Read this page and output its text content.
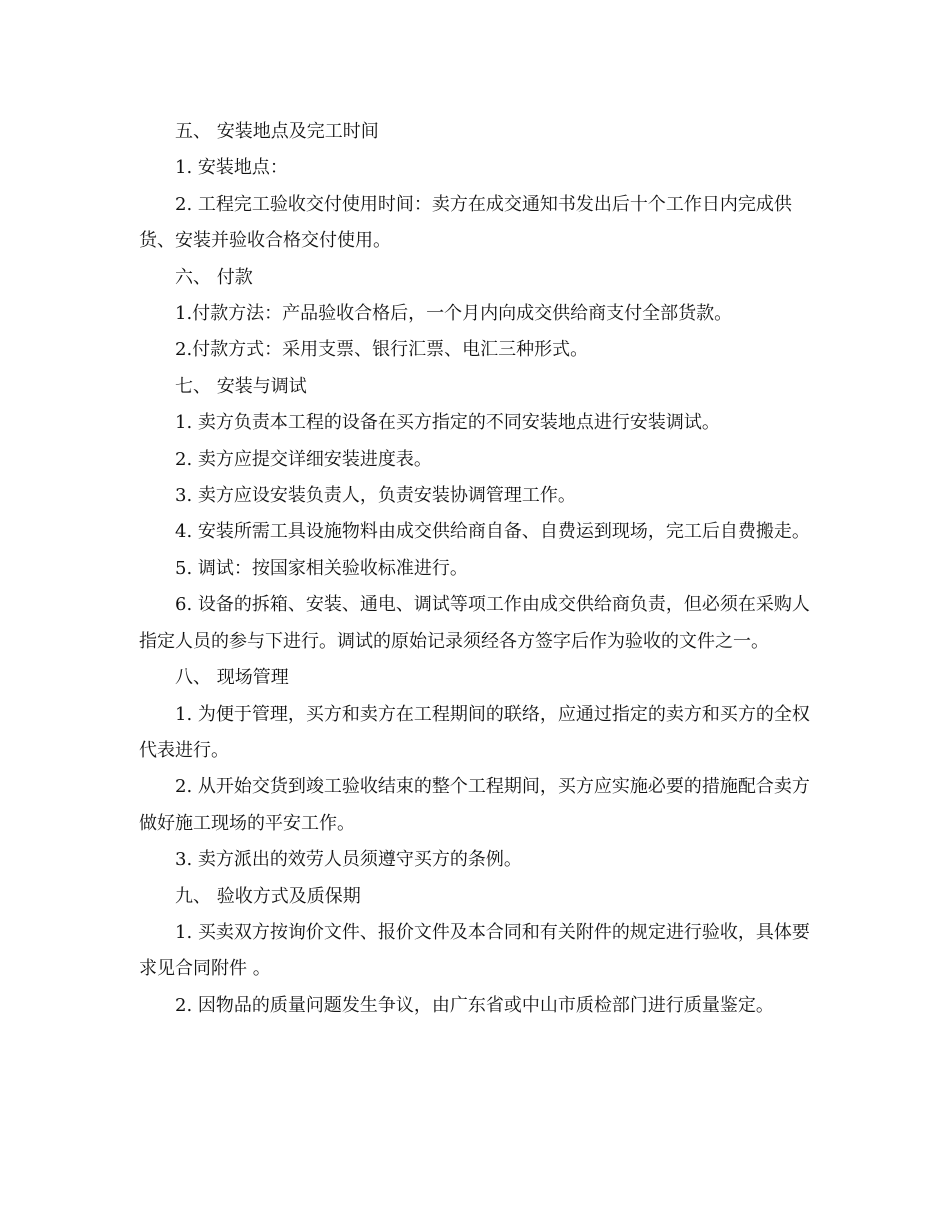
五、 安装地点及完工时间

1. 安装地点：

2. 工程完工验收交付使用时间：卖方在成交通知书发出后十个工作日内完成供货、安装并验收合格交付使用。

六、 付款

1.付款方法：产品验收合格后，一个月内向成交供给商支付全部货款。

2.付款方式：采用支票、银行汇票、电汇三种形式。

七、 安装与调试

1. 卖方负责本工程的设备在买方指定的不同安装地点进行安装调试。

2. 卖方应提交详细安装进度表。

3. 卖方应设安装负责人，负责安装协调管理工作。

4. 安装所需工具设施物料由成交供给商自备、自费运到现场，完工后自费搬走。

5. 调试：按国家相关验收标准进行。

6. 设备的拆箱、安装、通电、调试等项工作由成交供给商负责，但必须在采购人指定人员的参与下进行。调试的原始记录须经各方签字后作为验收的文件之一。

八、 现场管理

1. 为便于管理，买方和卖方在工程期间的联络，应通过指定的卖方和买方的全权代表进行。

2. 从开始交货到竣工验收结束的整个工程期间，买方应实施必要的措施配合卖方做好施工现场的平安工作。

3. 卖方派出的效劳人员须遵守买方的条例。

九、 验收方式及质保期

1. 买卖双方按询价文件、报价文件及本合同和有关附件的规定进行验收，具体要求见合同附件 。

2. 因物品的质量问题发生争议，由广东省或中山市质检部门进行质量鉴定。
